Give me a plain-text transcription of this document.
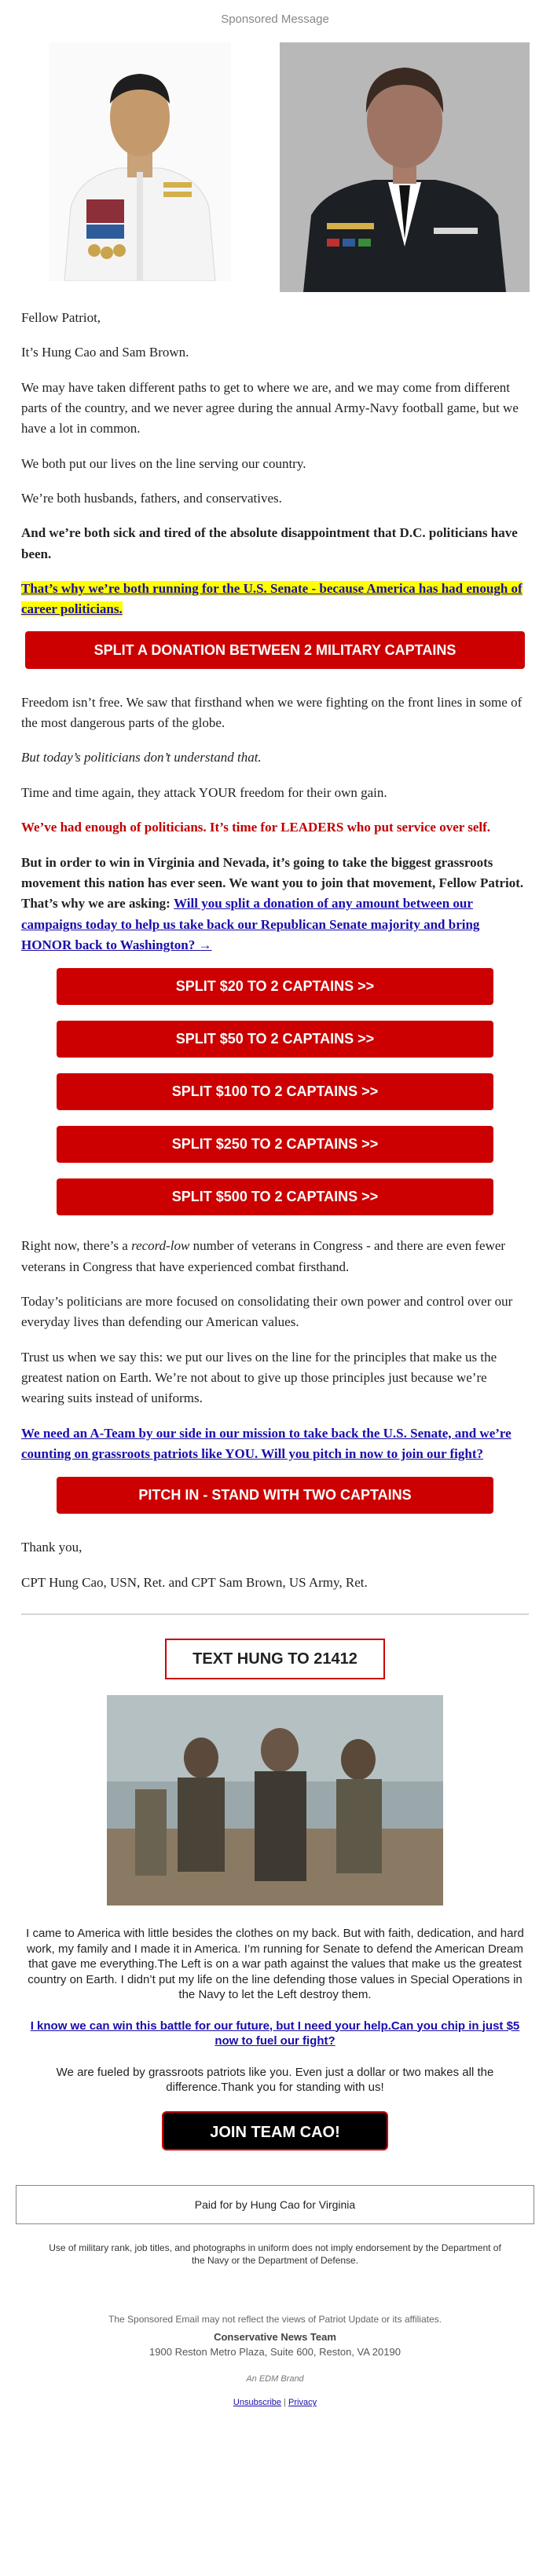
Sponsored Message

Fellow Patriot,

It’s Hung Cao and Sam Brown.

We may have taken different paths to get to where we are, and we may come from different parts of the country, and we never agree during the annual Army-Navy football game, but we have a lot in common.

We both put our lives on the line serving our country.

We’re both husbands, fathers, and conservatives.

And we’re both sick and tired of the absolute disappointment that D.C. politicians have been.

That’s why we’re both running for the U.S. Senate - because America has had enough of career politicians.

SPLIT A DONATION BETWEEN 2 MILITARY CAPTAINS

Freedom isn’t free. We saw that firsthand when we were fighting on the front lines in some of the most dangerous parts of the globe.

But today’s politicians don’t understand that.

Time and time again, they attack YOUR freedom for their own gain.

We’ve had enough of politicians. It’s time for LEADERS who put service over self.

But in order to win in Virginia and Nevada, it’s going to take the biggest grassroots movement this nation has ever seen. We want you to join that movement, Fellow Patriot. That’s why we are asking: Will you split a donation of any amount between our campaigns today to help us take back our Republican Senate majority and bring HONOR back to Washington? →

SPLIT $20 TO 2 CAPTAINS >>
SPLIT $50 TO 2 CAPTAINS >>
SPLIT $100 TO 2 CAPTAINS >>
SPLIT $250 TO 2 CAPTAINS >>
SPLIT $500 TO 2 CAPTAINS >>

Right now, there’s a record-low number of veterans in Congress - and there are even fewer veterans in Congress that have experienced combat firsthand.

Today’s politicians are more focused on consolidating their own power and control over our everyday lives than defending our American values.

Trust us when we say this: we put our lives on the line for the principles that make us the greatest nation on Earth. We’re not about to give up those principles just because we’re wearing suits instead of uniforms.

We need an A-Team by our side in our mission to take back the U.S. Senate, and we’re counting on grassroots patriots like YOU. Will you pitch in now to join our fight?

PITCH IN - STAND WITH TWO CAPTAINS

Thank you,

CPT Hung Cao, USN, Ret. and CPT Sam Brown, US Army, Ret.

TEXT HUNG TO 21412

I came to America with little besides the clothes on my back. But with faith, dedication, and hard work, my family and I made it in America. I’m running for Senate to defend the American Dream that gave me everything.The Left is on a war path against the values that make us the greatest country on Earth. I didn’t put my life on the line defending those values in Special Operations in the Navy to let the Left destroy them.

I know we can win this battle for our future, but I need your help.Can you chip in just $5 now to fuel our fight?

We are fueled by grassroots patriots like you. Even just a dollar or two makes all the difference.Thank you for standing with us!

JOIN TEAM CAO!
Paid for by Hung Cao for Virginia
Use of military rank, job titles, and photographs in uniform does not imply endorsement by the Department of the Navy or the Department of Defense.
The Sponsored Email may not reflect the views of Patriot Update or its affiliates.
Conservative News Team
1900 Reston Metro Plaza, Suite 600, Reston, VA 20190
An EDM Brand
Unsubscribe | Privacy
